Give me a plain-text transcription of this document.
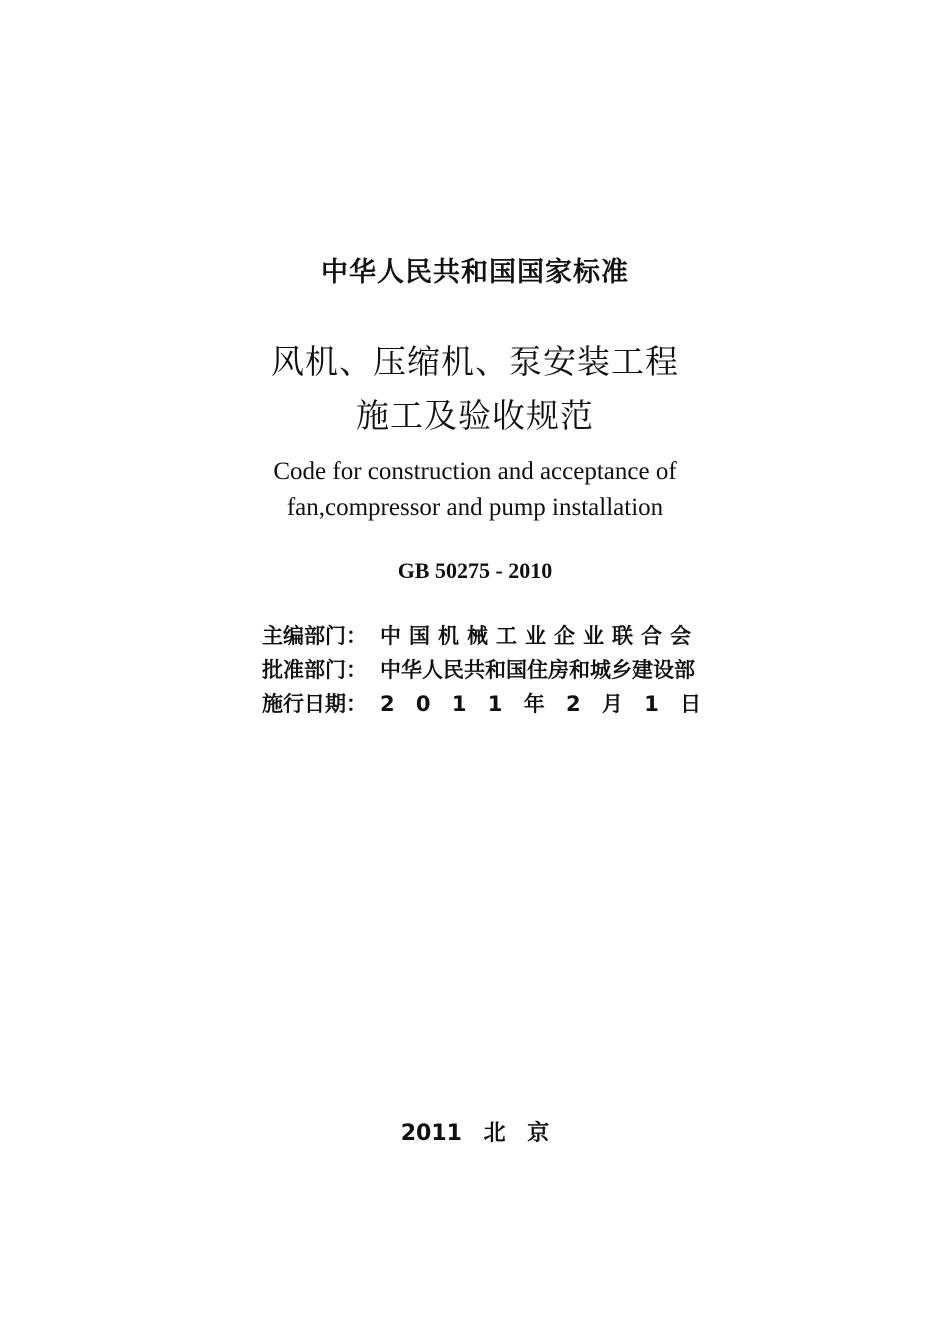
中华人民共和国国家标准
风机、压缩机、泵安装工程
施工及验收规范
Code for construction and acceptance of
fan,compressor and pump installation
GB 50275 - 2010
主编部门： 中国机械工业企业联合会
批准部门： 中华人民共和国住房和城乡建设部
施行日期： 2 0 1 1 年 2 月 1 日
2011 北 京
